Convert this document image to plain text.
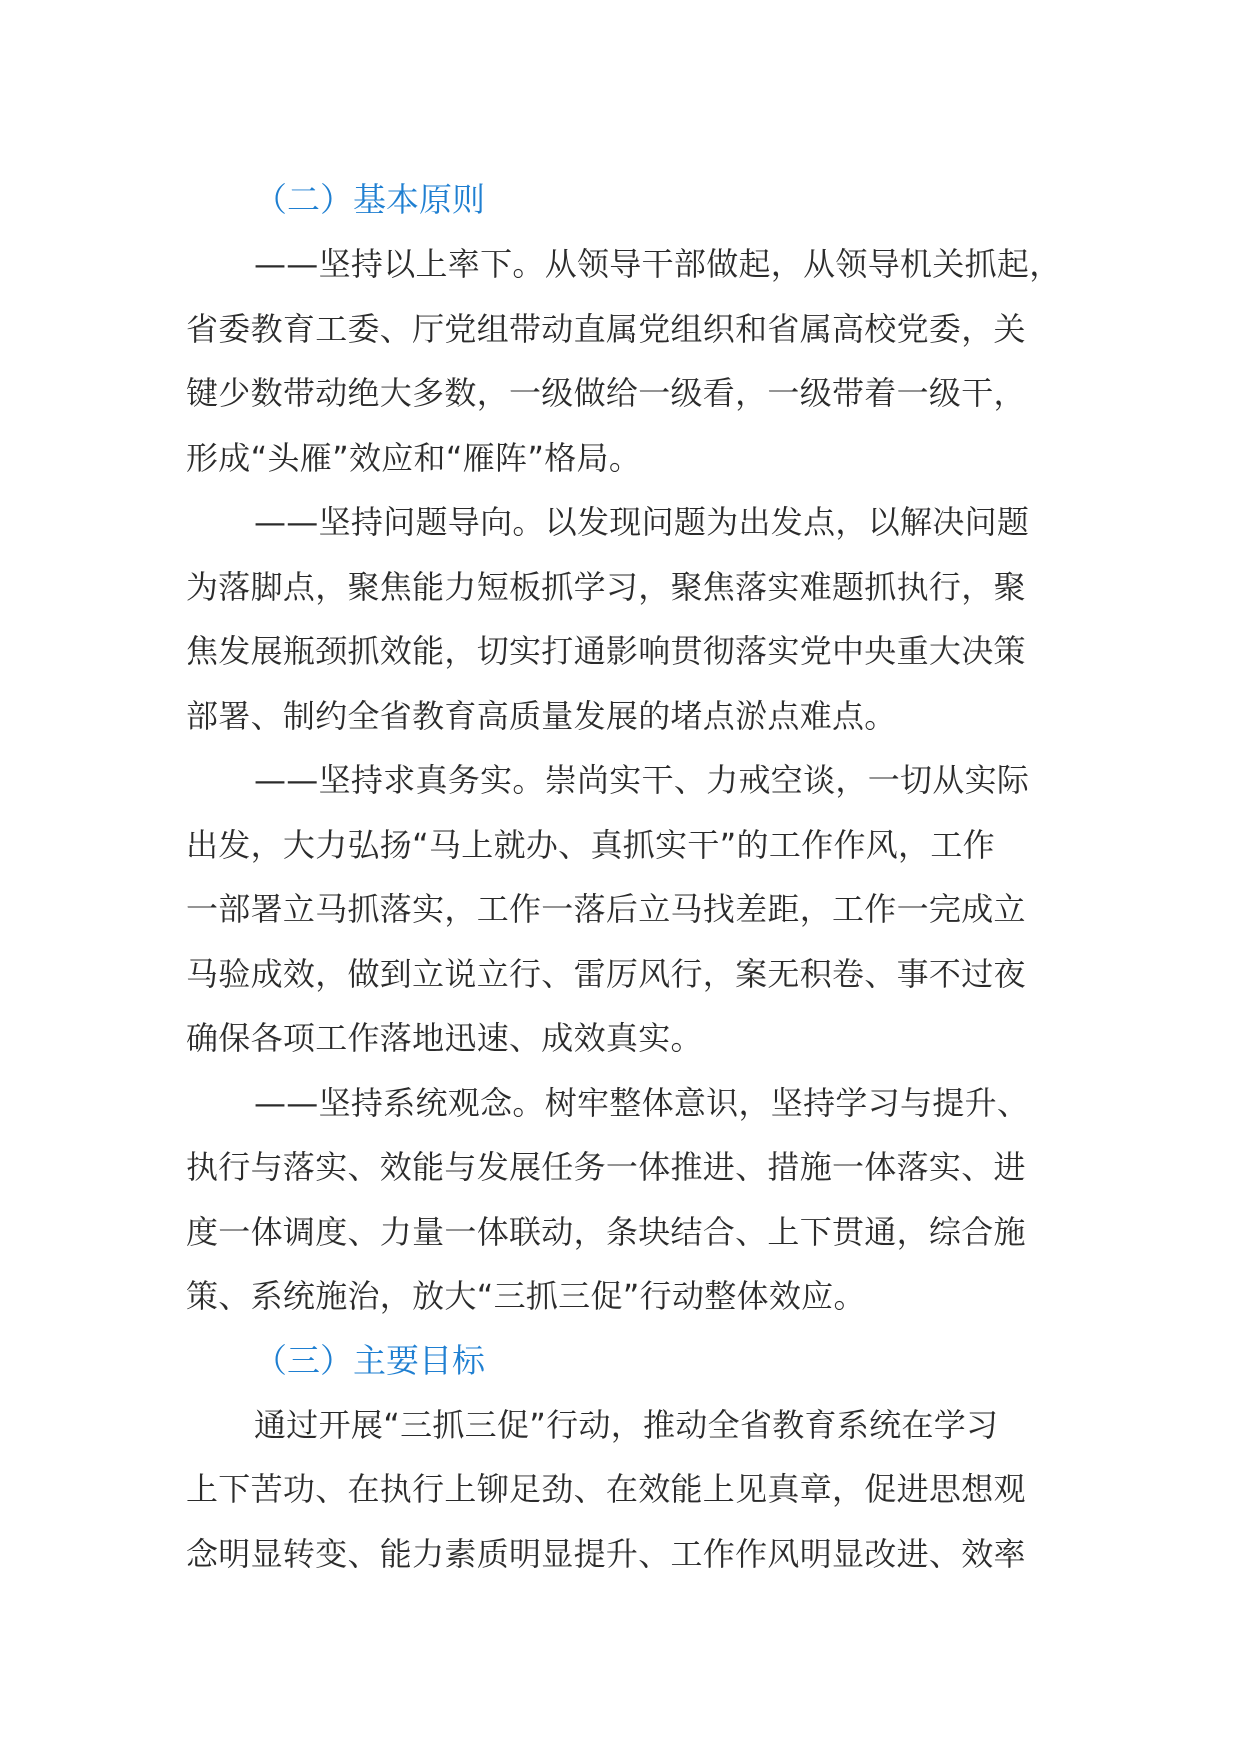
（二）基本原则
——坚持以上率下。从领导干部做起，从领导机关抓起，
省委教育工委、厅党组带动直属党组织和省属高校党委，关
键少数带动绝大多数，一级做给一级看，一级带着一级干，
形成“头雁”效应和“雁阵”格局。
——坚持问题导向。以发现问题为出发点，以解决问题
为落脚点，聚焦能力短板抓学习，聚焦落实难题抓执行，聚
焦发展瓶颈抓效能，切实打通影响贯彻落实党中央重大决策
部署、制约全省教育高质量发展的堵点淤点难点。
——坚持求真务实。崇尚实干、力戒空谈，一切从实际
出发，大力弘扬“马上就办、真抓实干”的工作作风，工作
一部署立马抓落实，工作一落后立马找差距，工作一完成立
马验成效，做到立说立行、雷厉风行，案无积卷、事不过夜
确保各项工作落地迅速、成效真实。
——坚持系统观念。树牢整体意识，坚持学习与提升、
执行与落实、效能与发展任务一体推进、措施一体落实、进
度一体调度、力量一体联动，条块结合、上下贯通，综合施
策、系统施治，放大“三抓三促”行动整体效应。
（三）主要目标
通过开展“三抓三促”行动，推动全省教育系统在学习
上下苦功、在执行上铆足劲、在效能上见真章，促进思想观
念明显转变、能力素质明显提升、工作作风明显改进、效率
